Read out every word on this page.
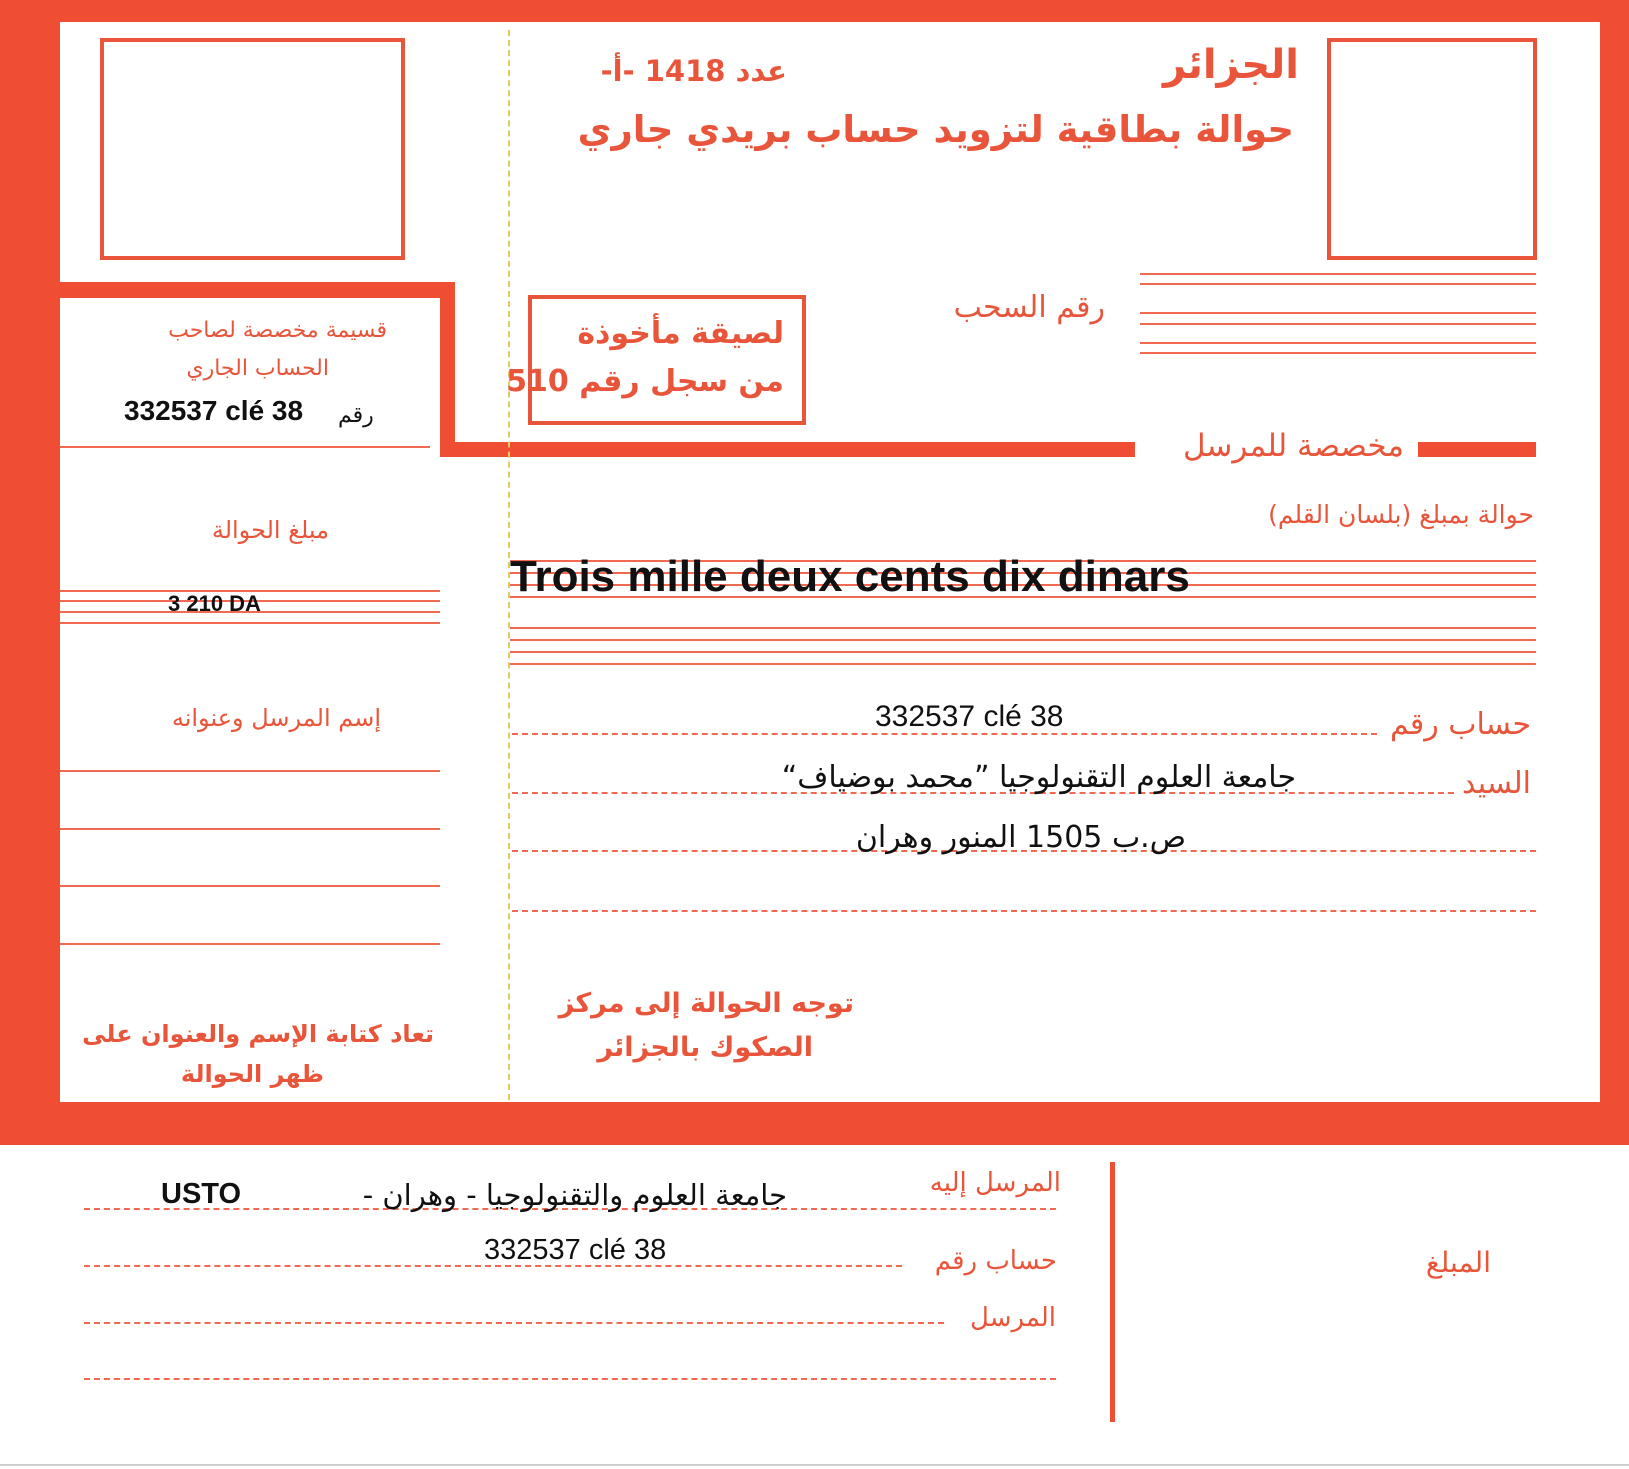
الجزائر
عدد 1418 -أ-
حوالة بطاقية لتزويد حساب بريدي جاري
رقم السحب
لصيقة مأخوذة
من سجل رقم 510
مخصصة للمرسل
قسيمة مخصصة لصاحب
الحساب الجاري
رقم
332537 clé 38
مبلغ الحوالة
3 210 DA
إسم المرسل وعنوانه
تعاد كتابة الإسم والعنوان على
ظهر الحوالة
حوالة بمبلغ (بلسان القلم)
Trois mille deux cents dix dinars
حساب رقم
332537 clé 38
السيد
جامعة العلوم التقنولوجيا ”محمد بوضياف“
ص.ب 1505 المنور وهران
توجه الحوالة إلى مركز
الصكوك بالجزائر
المرسل إليه
جامعة العلوم والتقنولوجيا - وهران -
USTO
حساب رقم
332537 clé 38
المرسل
المبلغ
